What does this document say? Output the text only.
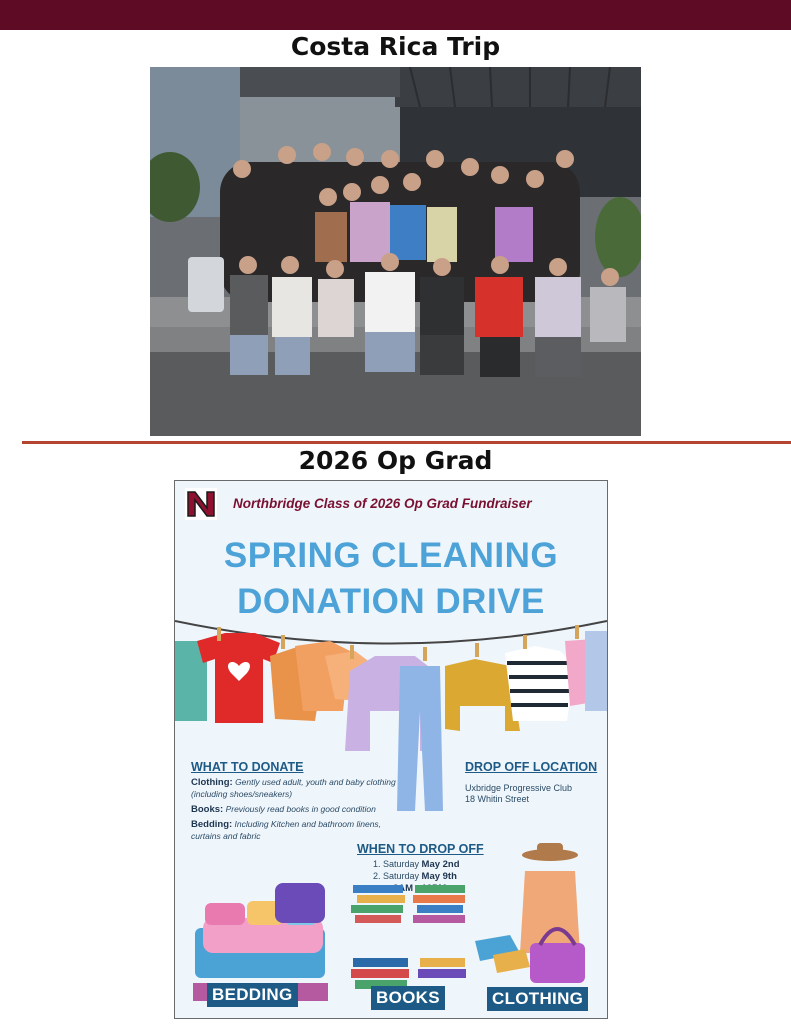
Costa Rica Trip
2026 Op Grad
Northbridge Class of 2026 Op Grad Fundraiser
SPRING CLEANING
DONATION DRIVE
WHAT TO DONATE
Clothing: Gently used adult, youth and baby clothing
(including shoes/sneakers)
Books: Previously read books in good condition
Bedding: Including Kitchen and bathroom linens,
curtains and fabric
DROP OFF LOCATION
Uxbridge Progressive Club
18 Whitin Street
WHEN TO DROP OFF
1. Saturday May 2nd
2. Saturday May 9th
8AM
BEDDING	BOOKS	CLOTHING
